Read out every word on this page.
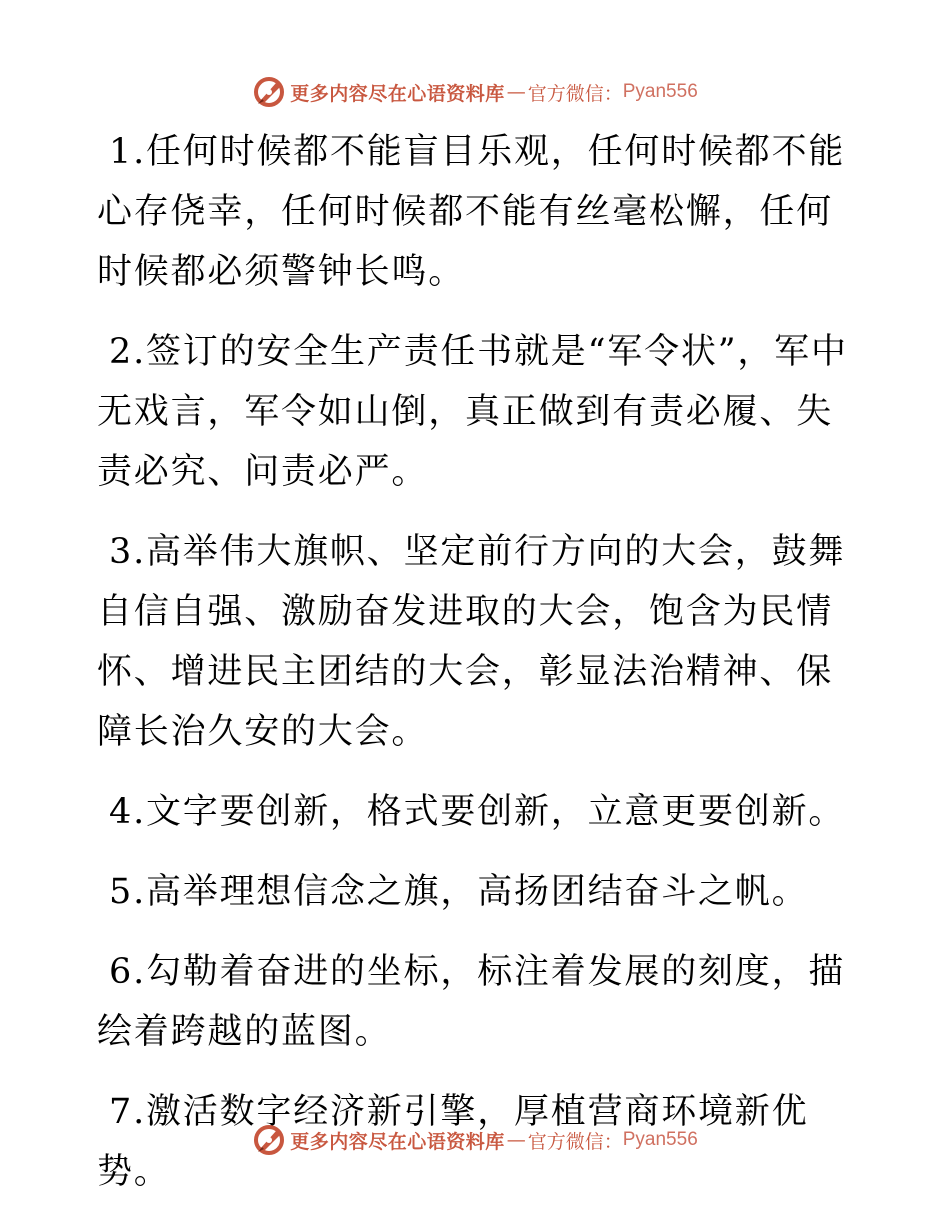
更多内容尽在心语资料库 — 官方微信： Pyan556

1.任何时候都不能盲目乐观，任何时候都不能心存侥幸，任何时候都不能有丝毫松懈，任何时候都必须警钟长鸣。

2.签订的安全生产责任书就是“军令状”，军中无戏言，军令如山倒，真正做到有责必履、失责必究、问责必严。

3.高举伟大旗帜、坚定前行方向的大会，鼓舞自信自强、激励奋发进取的大会，饱含为民情怀、增进民主团结的大会，彰显法治精神、保障长治久安的大会。

4.文字要创新，格式要创新，立意更要创新。

5.高举理想信念之旗，高扬团结奋斗之帆。

6.勾勒着奋进的坐标，标注着发展的刻度，描绘着跨越的蓝图。

7.激活数字经济新引擎，厚植营商环境新优势。

更多内容尽在心语资料库 — 官方微信： Pyan556
